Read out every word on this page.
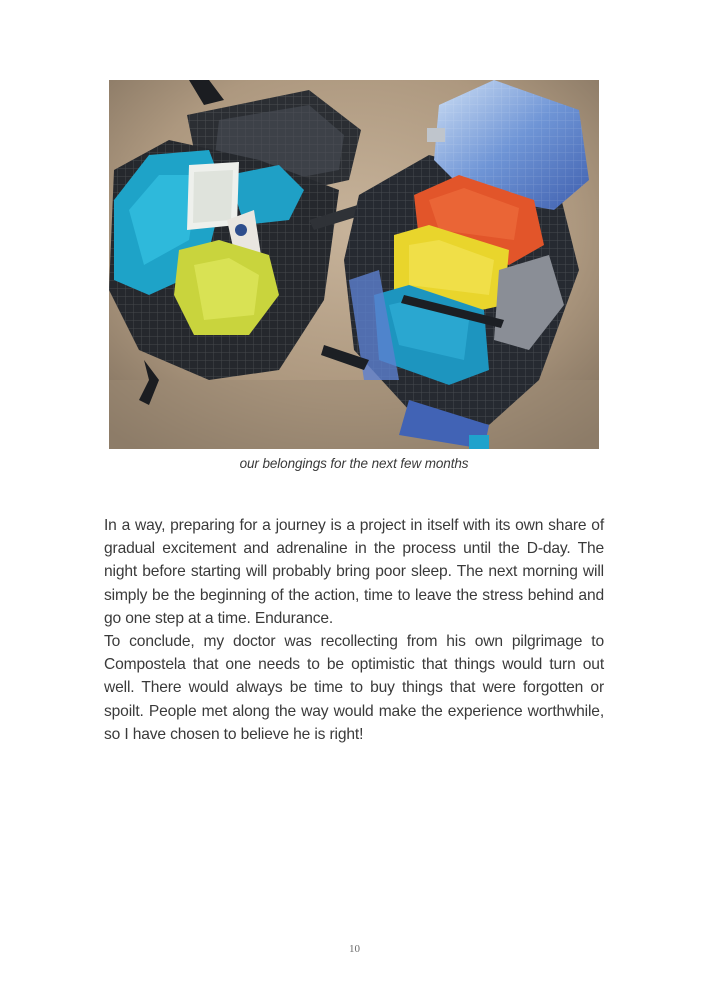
our belongings for the next few months

In a way, preparing for a journey is a project in itself with its own share of gradual excitement and adrenaline in the process until the D-day. The night before starting will probably bring poor sleep. The next morning will simply be the beginning of the action, time to leave the stress behind and go one step at a time. Endurance.

To conclude, my doctor was recollecting from his own pilgrimage to Compostela that one needs to be optimistic that things would turn out well. There would always be time to buy things that were forgotten or spoilt. People met along the way would make the experience worthwhile, so I have chosen to believe he is right!

10
